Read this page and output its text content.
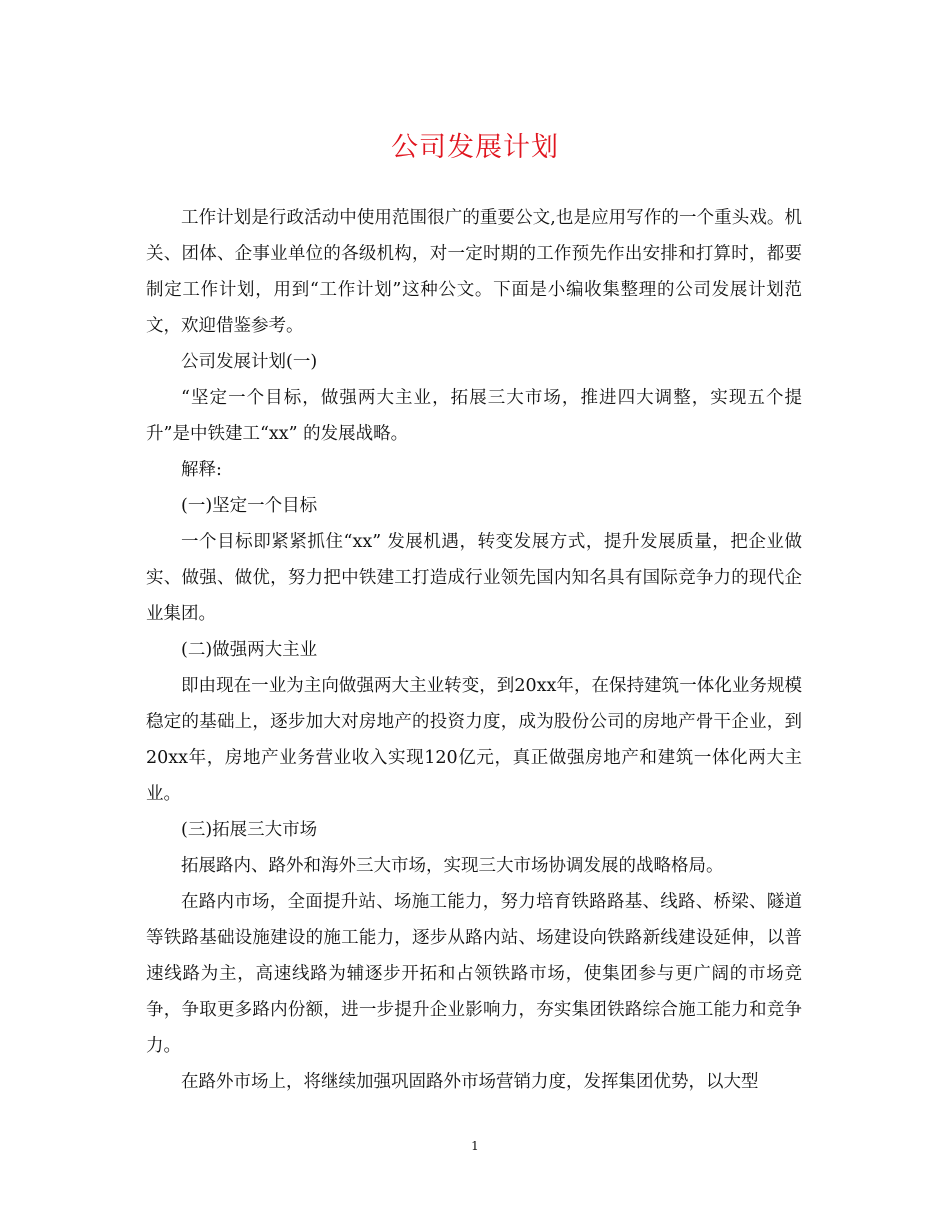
公司发展计划

工作计划是行政活动中使用范围很广的重要公文,也是应用写作的一个重头戏。机关、团体、企事业单位的各级机构，对一定时期的工作预先作出安排和打算时，都要制定工作计划，用到“工作计划”这种公文。下面是小编收集整理的公司发展计划范文，欢迎借鉴参考。

公司发展计划(一)

“坚定一个目标，做强两大主业，拓展三大市场，推进四大调整，实现五个提升”是中铁建工“xx” 的发展战略。

解释:

(一)坚定一个目标

一个目标即紧紧抓住“xx” 发展机遇，转变发展方式，提升发展质量，把企业做实、做强、做优，努力把中铁建工打造成行业领先国内知名具有国际竞争力的现代企业集团。

(二)做强两大主业

即由现在一业为主向做强两大主业转变，到20xx年，在保持建筑一体化业务规模稳定的基础上，逐步加大对房地产的投资力度，成为股份公司的房地产骨干企业，到20xx年，房地产业务营业收入实现120亿元，真正做强房地产和建筑一体化两大主业。

(三)拓展三大市场

拓展路内、路外和海外三大市场，实现三大市场协调发展的战略格局。

在路内市场，全面提升站、场施工能力，努力培育铁路路基、线路、桥梁、隧道等铁路基础设施建设的施工能力，逐步从路内站、场建设向铁路新线建设延伸，以普速线路为主，高速线路为辅逐步开拓和占领铁路市场，使集团参与更广阔的市场竞争，争取更多路内份额，进一步提升企业影响力，夯实集团铁路综合施工能力和竞争力。

在路外市场上，将继续加强巩固路外市场营销力度，发挥集团优势，以大型

1
